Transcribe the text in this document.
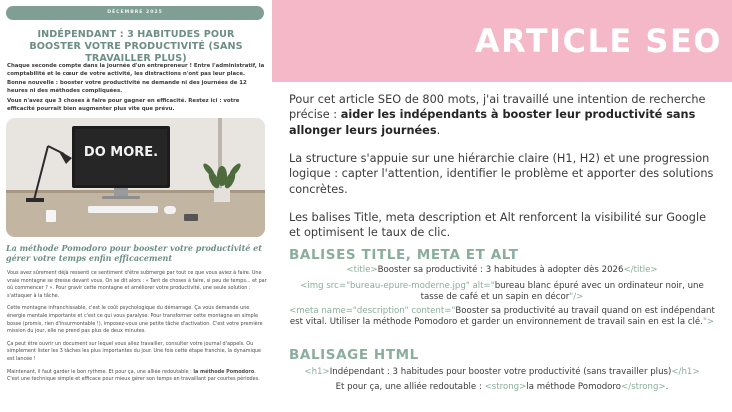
DÉCEMBRE 2025
INDÉPENDANT : 3 HABITUDES POUR BOOSTER VOTRE PRODUCTIVITÉ (SANS TRAVAILLER PLUS)

Chaque seconde compte dans la journée d'un entrepreneur ! Entre l'administratif, la comptabilité et le cœur de votre activité, les distractions n'ont pas leur place. Bonne nouvelle : booster votre productivité ne demande ni des journées de 12 heures ni des méthodes compliquées.

Vous n'avez que 3 choses à faire pour gagner en efficacité. Restez ici : votre efficacité pourrait bien augmenter plus vite que prévu.

DO MORE.
La méthode Pomodoro pour booster votre productivité et gérer votre temps enfin efficacement

Vous avez sûrement déjà ressenti ce sentiment d'être submergé par tout ce que vous aviez à faire. Une vraie montagne se dresse devant vous. On se dit alors : « Tant de choses à faire, si peu de temps... et par où commencer ? ». Pour gravir cette montagne et améliorer votre productivité, une seule solution : s'attaquer à la tâche.

Cette montagne infranchissable, c'est le coût psychologique du démarrage. Ça vous demande une énergie mentale importante et c'est ce qui vous paralyse. Pour transformer cette montagne en simple bosse (promis, rien d'insurmontable !), imposez-vous une petite tâche d'activation. C'est votre première mission du jour, elle ne prend pas plus de deux minutes.

Ça peut être ouvrir un document sur lequel vous allez travailler, consulter votre journal d'appels. Ou simplement lister les 3 tâches les plus importantes du jour. Une fois cette étape franchie, la dynamique est lancée !

Maintenant, il faut garder le bon rythme. Et pour ça, une alliée redoutable : la méthode Pomodoro. C'est une technique simple et efficace pour mieux gérer son temps en travaillant par courtes périodes.

ARTICLE SEO

Pour cet article SEO de 800 mots, j'ai travaillé une intention de recherche précise : aider les indépendants à booster leur productivité sans allonger leurs journées.

La structure s'appuie sur une hiérarchie claire (H1, H2) et une progression logique : capter l'attention, identifier le problème et apporter des solutions concrètes.

Les balises Title, meta description et Alt renforcent la visibilité sur Google et optimisent le taux de clic.

BALISES TITLE, META ET ALT
<title>Booster sa productivité : 3 habitudes à adopter dès 2026</title>
<img src="bureau-epure-moderne.jpg" alt="bureau blanc épuré avec un ordinateur noir, une tasse de café et un sapin en décor"/>
<meta name="description" content="Booster sa productivité au travail quand on est indépendant est vital. Utiliser la méthode Pomodoro et garder un environnement de travail sain en est la clé.">
BALISAGE HTML
<h1>Indépendant : 3 habitudes pour booster votre productivité (sans travailler plus)</h1>
Et pour ça, une alliée redoutable : <strong>la méthode Pomodoro</strong>.
